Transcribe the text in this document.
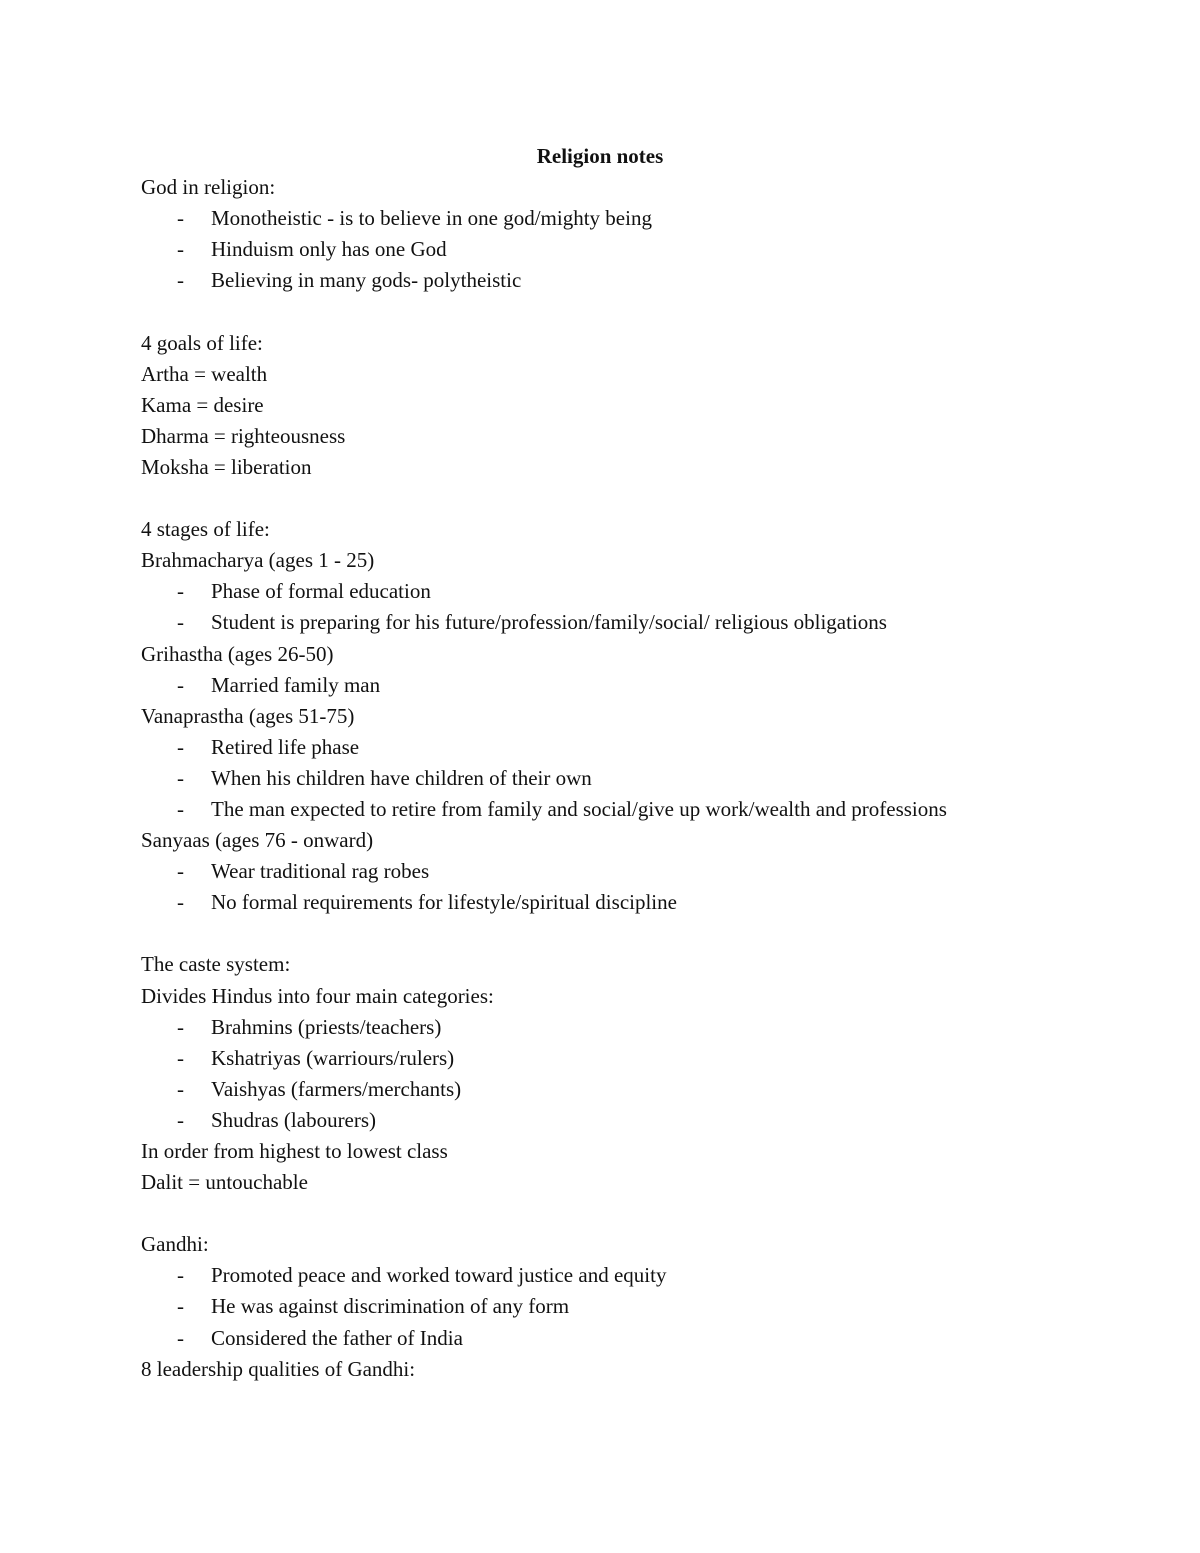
Religion notes
God in religion:
- Monotheistic - is to believe in one god/mighty being
- Hinduism only has one God
- Believing in many gods- polytheistic
4 goals of life:
Artha = wealth
Kama = desire
Dharma = righteousness
Moksha = liberation
4 stages of life:
Brahmacharya (ages 1 - 25)
- Phase of formal education
- Student is preparing for his future/profession/family/social/ religious obligations
Grihastha (ages 26-50)
- Married family man
Vanaprastha (ages 51-75)
- Retired life phase
- When his children have children of their own
- The man expected to retire from family and social/give up work/wealth and professions
Sanyaas (ages 76 - onward)
- Wear traditional rag robes
- No formal requirements for lifestyle/spiritual discipline
The caste system:
Divides Hindus into four main categories:
- Brahmins (priests/teachers)
- Kshatriyas (warriours/rulers)
- Vaishyas (farmers/merchants)
- Shudras (labourers)
In order from highest to lowest class
Dalit = untouchable
Gandhi:
- Promoted peace and worked toward justice and equity
- He was against discrimination of any form
- Considered the father of India
8 leadership qualities of Gandhi:
